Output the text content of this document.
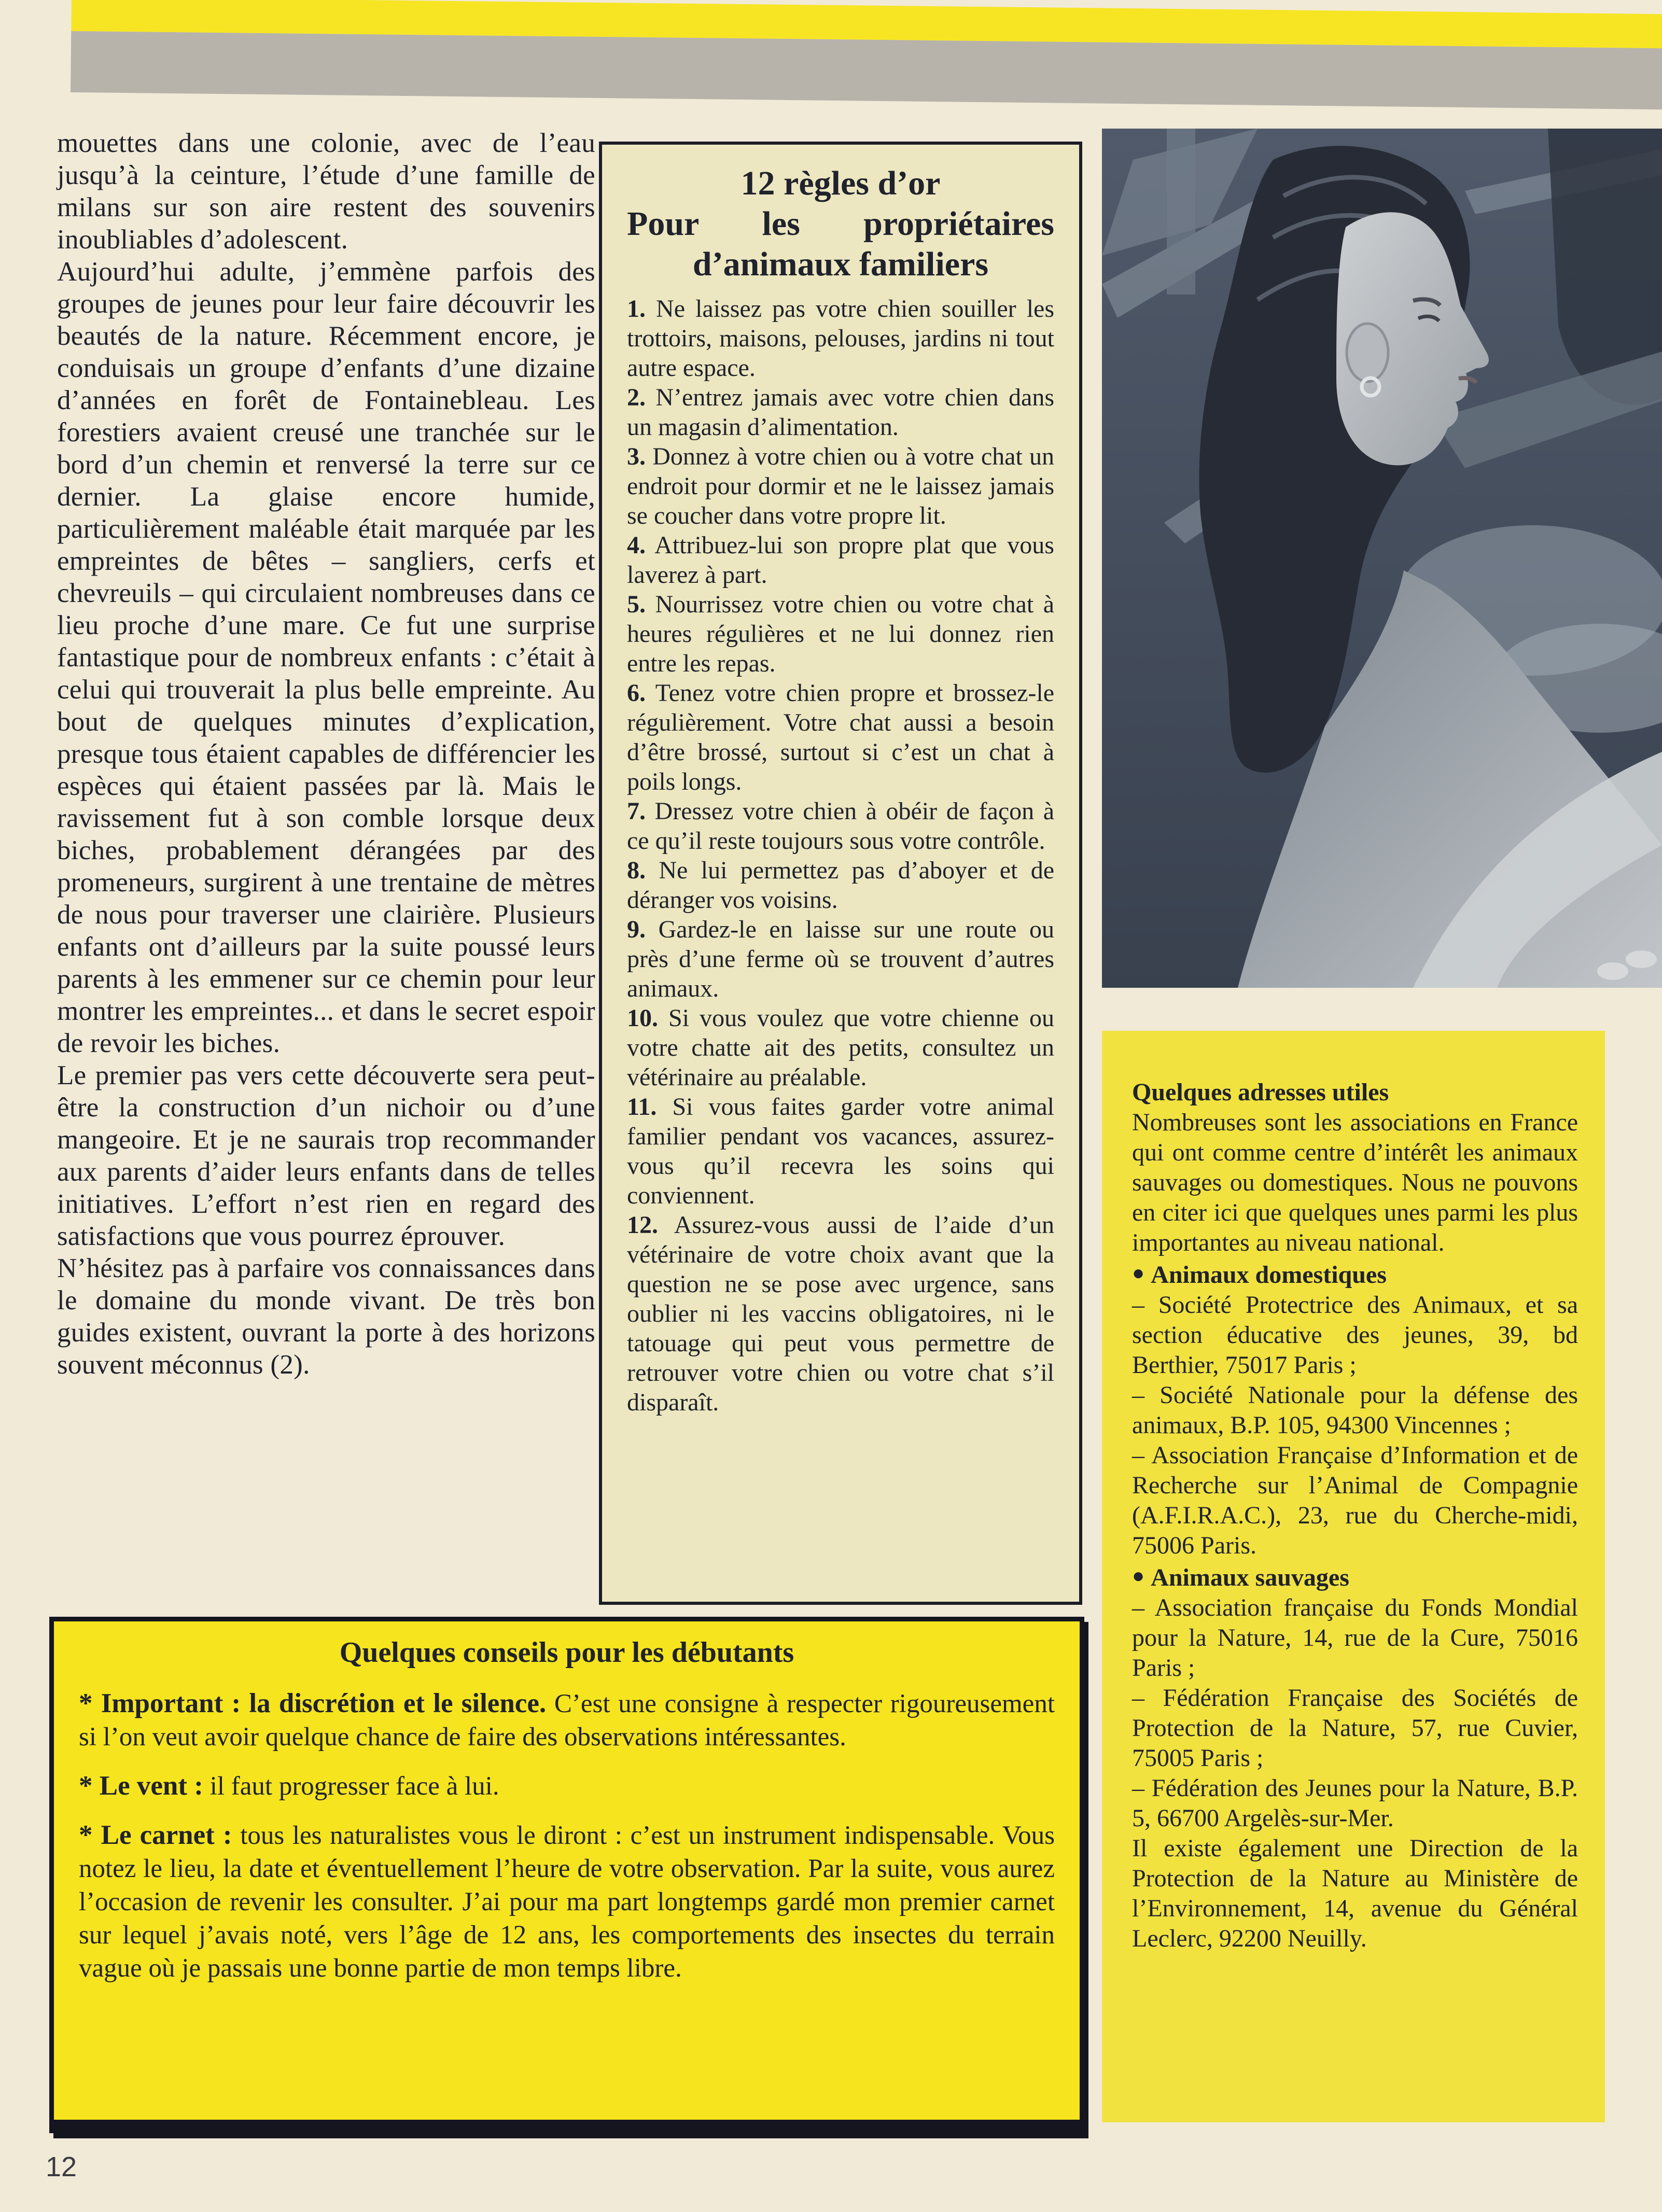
mouettes dans une colonie, avec de l’eau jusqu’à la ceinture, l’étude d’une famille de milans sur son aire restent des souvenirs inoubliables d’adolescent.

Aujourd’hui adulte, j’emmène parfois des groupes de jeunes pour leur faire découvrir les beautés de la nature. Récemment encore, je conduisais un groupe d’enfants d’une dizaine d’années en forêt de Fontainebleau. Les forestiers avaient creusé une tranchée sur le bord d’un chemin et renversé la terre sur ce dernier. La glaise encore humide, particulièrement maléable était marquée par les empreintes de bêtes – sangliers, cerfs et chevreuils – qui circulaient nombreuses dans ce lieu proche d’une mare. Ce fut une surprise fantastique pour de nombreux enfants : c’était à celui qui trouverait la plus belle empreinte. Au bout de quelques minutes d’explication, presque tous étaient capables de différencier les espèces qui étaient passées par là. Mais le ravissement fut à son comble lorsque deux biches, probablement dérangées par des promeneurs, surgirent à une trentaine de mètres de nous pour traverser une clairière. Plusieurs enfants ont d’ailleurs par la suite poussé leurs parents à les emmener sur ce chemin pour leur montrer les empreintes... et dans le secret espoir de revoir les biches.

Le premier pas vers cette découverte sera peut-être la construction d’un nichoir ou d’une mangeoire. Et je ne saurais trop recommander aux parents d’aider leurs enfants dans de telles initiatives. L’effort n’est rien en regard des satisfactions que vous pourrez éprouver.

N’hésitez pas à parfaire vos connaissances dans le domaine du monde vivant. De très bon guides existent, ouvrant la porte à des horizons souvent méconnus (2).

12 règles d’or
Pour les propriétaires
d’animaux familiers

1. Ne laissez pas votre chien souiller les trottoirs, maisons, pelouses, jardins ni tout autre espace.

2. N’entrez jamais avec votre chien dans un magasin d’alimentation.

3. Donnez à votre chien ou à votre chat un endroit pour dormir et ne le laissez jamais se coucher dans votre propre lit.

4. Attribuez-lui son propre plat que vous laverez à part.

5. Nourrissez votre chien ou votre chat à heures régulières et ne lui donnez rien entre les repas.

6. Tenez votre chien propre et brossez-le régulièrement. Votre chat aussi a besoin d’être brossé, surtout si c’est un chat à poils longs.

7. Dressez votre chien à obéir de façon à ce qu’il reste toujours sous votre contrôle.

8. Ne lui permettez pas d’aboyer et de déranger vos voisins.

9. Gardez-le en laisse sur une route ou près d’une ferme où se trouvent d’autres animaux.

10. Si vous voulez que votre chienne ou votre chatte ait des petits, consultez un vétérinaire au préalable.

11. Si vous faites garder votre animal familier pendant vos vacances, assurez-vous qu’il recevra les soins qui conviennent.

12. Assurez-vous aussi de l’aide d’un vétérinaire de votre choix avant que la question ne se pose avec urgence, sans oublier ni les vaccins obligatoires, ni le tatouage qui peut vous permettre de retrouver votre chien ou votre chat s’il disparaît.

Quelques adresses utiles

Nombreuses sont les associations en France qui ont comme centre d’intérêt les animaux sauvages ou domestiques. Nous ne pouvons en citer ici que quelques unes parmi les plus importantes au niveau national.

● Animaux domestiques

– Société Protectrice des Animaux, et sa section éducative des jeunes, 39, bd Berthier, 75017 Paris ;

– Société Nationale pour la défense des animaux, B.P. 105, 94300 Vincennes ;

– Association Française d’Information et de Recherche sur l’Animal de Compagnie (A.F.I.R.A.C.), 23, rue du Cherche-midi, 75006 Paris.

● Animaux sauvages

– Association française du Fonds Mondial pour la Nature, 14, rue de la Cure, 75016 Paris ;

– Fédération Française des Sociétés de Protection de la Nature, 57, rue Cuvier, 75005 Paris ;

– Fédération des Jeunes pour la Nature, B.P. 5, 66700 Argelès-sur-Mer.

Il existe également une Direction de la Protection de la Nature au Ministère de l’Environnement, 14, avenue du Général Leclerc, 92200 Neuilly.

Quelques conseils pour les débutants

* Important : la discrétion et le silence. C’est une consigne à respecter rigoureusement si l’on veut avoir quelque chance de faire des observations intéressantes.

* Le vent : il faut progresser face à lui.

* Le carnet : tous les naturalistes vous le diront : c’est un instrument indispensable. Vous notez le lieu, la date et éventuellement l’heure de votre observation. Par la suite, vous aurez l’occasion de revenir les consulter. J’ai pour ma part longtemps gardé mon premier carnet sur lequel j’avais noté, vers l’âge de 12 ans, les comportements des insectes du terrain vague où je passais une bonne partie de mon temps libre.

12
